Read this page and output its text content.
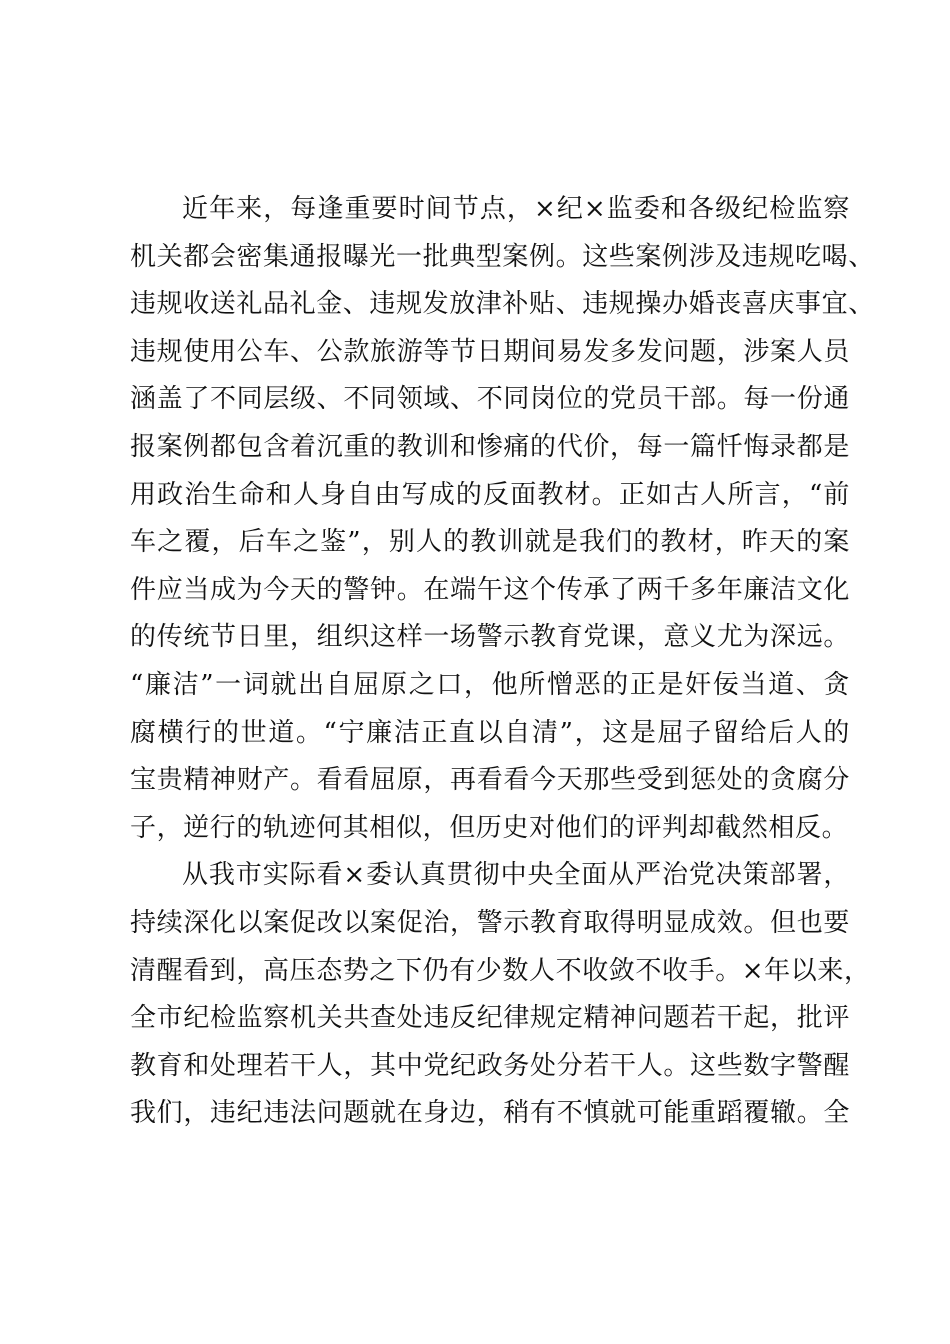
近年来，每逢重要时间节点，×纪×监委和各级纪检监察
机关都会密集通报曝光一批典型案例。这些案例涉及违规吃喝、
违规收送礼品礼金、违规发放津补贴、违规操办婚丧喜庆事宜、
违规使用公车、公款旅游等节日期间易发多发问题，涉案人员
涵盖了不同层级、不同领域、不同岗位的党员干部。每一份通
报案例都包含着沉重的教训和惨痛的代价，每一篇忏悔录都是
用政治生命和人身自由写成的反面教材。正如古人所言，“前
车之覆，后车之鉴”，别人的教训就是我们的教材，昨天的案
件应当成为今天的警钟。在端午这个传承了两千多年廉洁文化
的传统节日里，组织这样一场警示教育党课，意义尤为深远。
“廉洁”一词就出自屈原之口，他所憎恶的正是奸佞当道、贪
腐横行的世道。“宁廉洁正直以自清”，这是屈子留给后人的
宝贵精神财产。看看屈原，再看看今天那些受到惩处的贪腐分
子，逆行的轨迹何其相似，但历史对他们的评判却截然相反。
从我市实际看×委认真贯彻中央全面从严治党决策部署，
持续深化以案促改以案促治，警示教育取得明显成效。但也要
清醒看到，高压态势之下仍有少数人不收敛不收手。×年以来，
全市纪检监察机关共查处违反纪律规定精神问题若干起，批评
教育和处理若干人，其中党纪政务处分若干人。这些数字警醒
我们，违纪违法问题就在身边，稍有不慎就可能重蹈覆辙。全
